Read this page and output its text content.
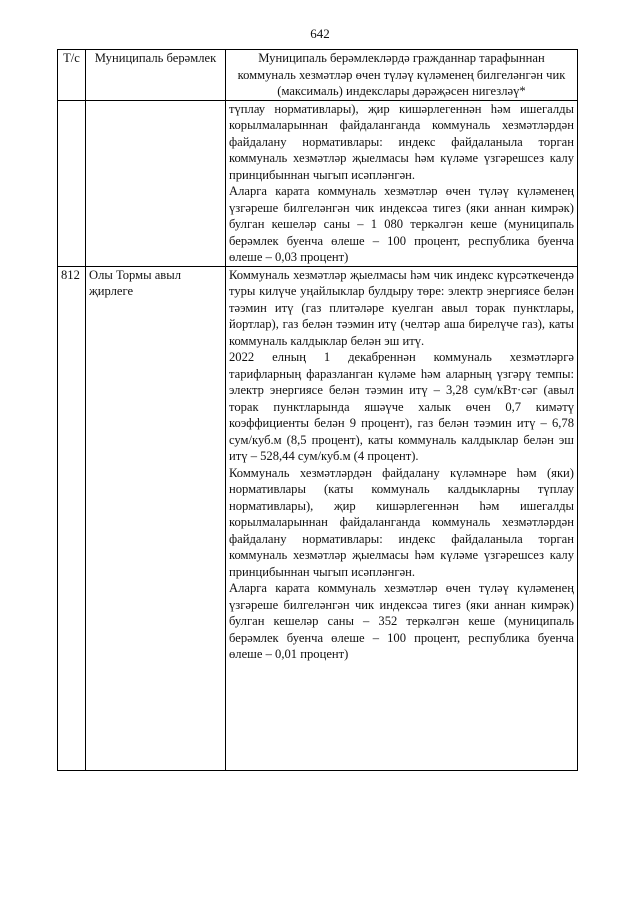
642
Т/с	Муниципаль берәмлек	Муниципаль берәмлекләрдә гражданнар тарафыннан коммуналь хезмәтләр өчен түләү күләменең билгеләнгән чик (максималь) индекслары дәрәҗәсен нигезләү*

		түплау нормативлары), җир кишәрлегеннән һәм ишегалды корылмаларыннан файдаланганда коммуналь хезмәтләрдән файдалану нормативлары: индекс файдаланыла торган коммуналь хезмәтләр җыелмасы һәм күләме үзгәрешсез калу принцибыннан чыгып исәпләнгән.

Аларга карата коммуналь хезмәтләр өчен түләү күләменең үзгәреше билгеләнгән чик индексәа тигез (яки аннан кимрәк) булган кешеләр саны – 1 080 теркәлгән кеше (муниципаль берәмлек буенча өлеше – 100 процент, республика буенча өлеше – 0,03 процент)

812	Олы Тормы авыл җирлеге	Коммуналь хезмәтләр җыелмасы һәм чик индекс күрсәткечендә туры килүче уңайлыклар булдыру төре: электр энергиясе белән тәэмин итү (газ плитәләре куелган авыл торак пунктлары, йортлар), газ белән тәэмин итү (челтәр аша бирелүче газ), каты коммуналь калдыклар белән эш итү.

2022 елның 1 декабреннән коммуналь хезмәтләргә тарифларның фаразланган күләме һәм аларның үзгәрү темпы: электр энергиясе белән тәэмин итү – 3,28 сум/кВт·сәг (авыл торак пунктларында яшәүче халык өчен 0,7 кимәтү коэффициенты белән 9 процент), газ белән тәэмин итү – 6,78 сум/куб.м (8,5 процент), каты коммуналь калдыклар белән эш итү – 528,44 сум/куб.м (4 процент).

Коммуналь хезмәтләрдән файдалану күләмнәре һәм (яки) нормативлары (каты коммуналь калдыкларны түплау нормативлары), җир кишәрлегеннән һәм ишегалды корылмаларыннан файдаланганда коммуналь хезмәтләрдән файдалану нормативлары: индекс файдаланыла торган коммуналь хезмәтләр җыелмасы һәм күләме үзгәрешсез калу принцибыннан чыгып исәпләнгән.

Аларга карата коммуналь хезмәтләр өчен түләү күләменең үзгәреше билгеләнгән чик индексәа тигез (яки аннан кимрәк) булган кешеләр саны – 352 теркәлгән кеше (муниципаль берәмлек буенча өлеше – 100 процент, республика буенча өлеше – 0,01 процент)
